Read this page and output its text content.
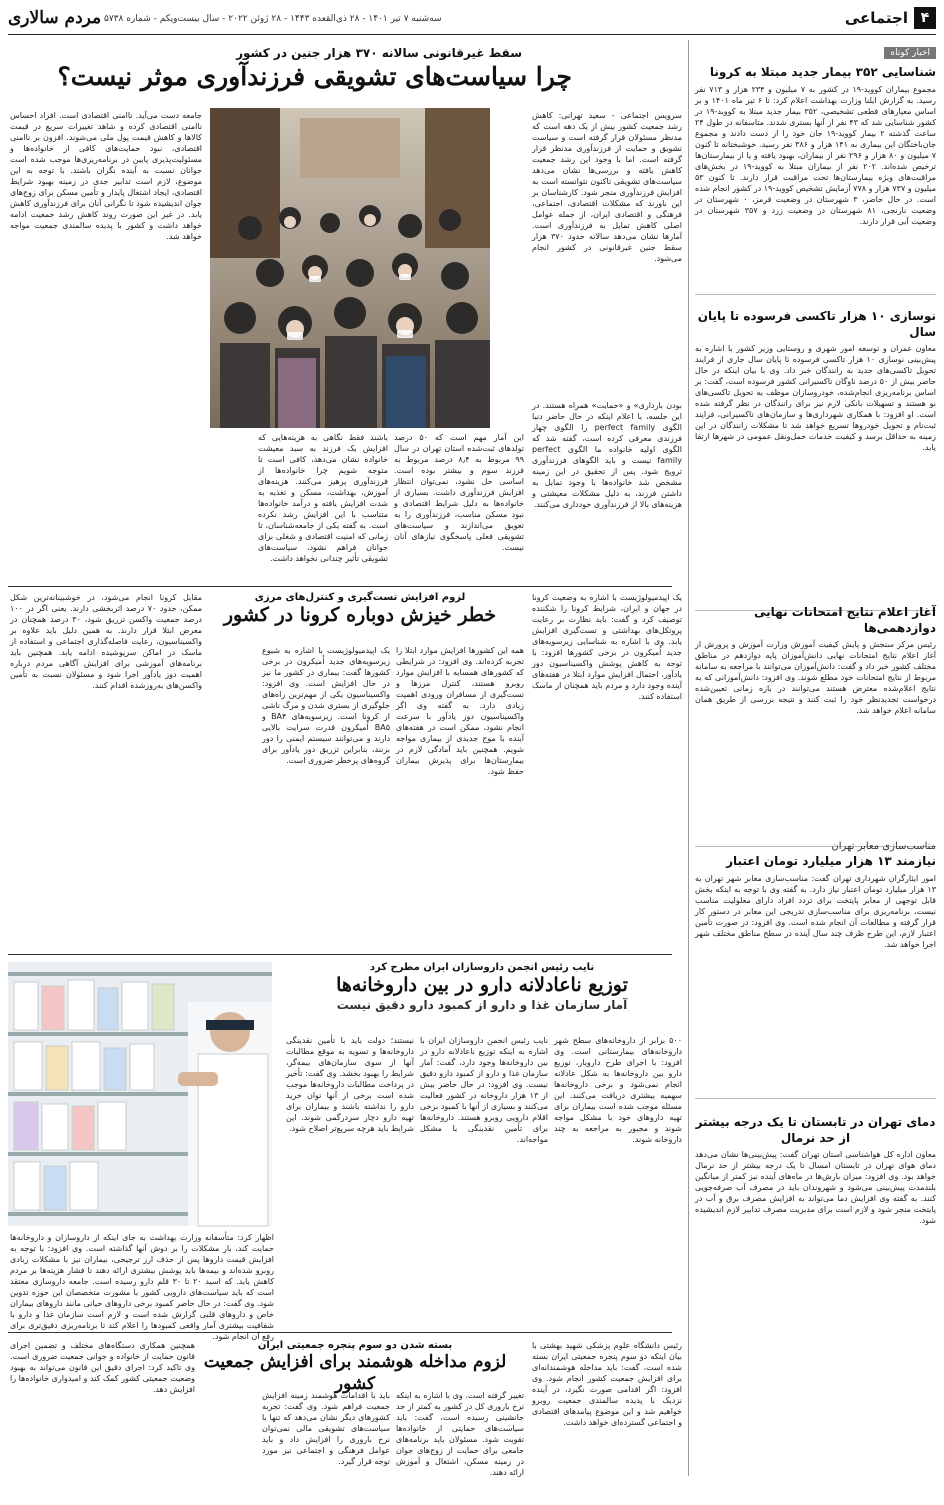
۴
اجتماعی
مردم سالاری سه‌شنبه ۷ تیر ۱۴۰۱ - ۲۸ ذی‌القعده ۱۴۴۳ - ۲۸ ژوئن ۲۰۲۲ - سال بیست‌ویکم - شماره ۵۷۳۸
اخبار کوتاه
شناسایی ۳۵۲ بیمار جدید مبتلا به کرونا
مجموع بیماران کووید-۱۹ در کشور به ۷ میلیون و ۲۳۴ هزار و ۷۱۳ نفر رسید. به گزارش ایلنا وزارت بهداشت اعلام کرد: تا ۶ تیر ماه ۱۴۰۱ و بر اساس معیارهای قطعی تشخیصی، ۳۵۲ بیمار جدید مبتلا به کووید-۱۹ در کشور شناسایی شد که ۴۳ نفر از آنها بستری شدند. متاسفانه در طول ۲۴ ساعت گذشته ۲ بیمار کووید-۱۹ جان خود را از دست دادند و مجموع جان‌باختگان این بیماری به ۱۴۱ هزار و ۳۸۶ نفر رسید. خوشبختانه تا کنون ۷ میلیون و ۸۰ هزار و ۲۹۶ نفر از بیماران، بهبود یافته و یا از بیمارستان‌ها ترخیص شده‌اند. ۲۰۲ نفر از بیماران مبتلا به کووید-۱۹ در بخش‌های مراقبت‌های ویژه بیمارستان‌ها تحت مراقبت قرار دارند. تا کنون ۵۳ میلیون و ۷۳۷ هزار و ۷۷۸ آزمایش تشخیص کووید-۱۹ در کشور انجام شده است. در حال حاضر، ۳ شهرستان در وضعیت قرمز، ۰ شهرستان در وضعیت نارنجی، ۸۱ شهرستان در وضعیت زرد و ۳۵۷ شهرستان در وضعیت آبی قرار دارند.
نوسازی ۱۰ هزار تاکسی فرسوده تا پایان سال
معاون عمران و توسعه امور شهری و روستایی وزیر کشور با اشاره به پیش‌بینی نوسازی ۱۰ هزار تاکسی فرسوده تا پایان سال جاری از فرایند تحویل تاکسی‌های جدید به رانندگان خبر داد. وی با بیان اینکه در حال حاضر بیش از ۵۰ درصد ناوگان تاکسیرانی کشور فرسوده است، گفت: بر اساس برنامه‌ریزی انجام‌شده، خودروسازان موظف به تحویل تاکسی‌های نو هستند و تسهیلات بانکی لازم نیز برای رانندگان در نظر گرفته شده است. او افزود: با همکاری شهرداری‌ها و سازمان‌های تاکسیرانی، فرایند ثبت‌نام و تحویل خودروها تسریع خواهد شد تا مشکلات رانندگان در این زمینه به حداقل برسد و کیفیت خدمات حمل‌ونقل عمومی در شهرها ارتقا یابد.
آغاز اعلام نتایج امتحانات نهایی دوازدهمی‌ها
رئیس مرکز سنجش و پایش کیفیت آموزش وزارت آموزش و پرورش از آغاز اعلام نتایج امتحانات نهایی دانش‌آموزان پایه دوازدهم در مناطق مختلف کشور خبر داد و گفت: دانش‌آموزان می‌توانند با مراجعه به سامانه مربوط از نتایج امتحانات خود مطلع شوند. وی افزود: دانش‌آموزانی که به نتایج اعلام‌شده معترض هستند می‌توانند در بازه زمانی تعیین‌شده درخواست تجدیدنظر خود را ثبت کنند و نتیجه بررسی از طریق همان سامانه اعلام خواهد شد.
مناسب‌سازی معابر تهران
نیازمند ۱۳ هزار میلیارد تومان اعتبار
امور ایثارگران شهرداری تهران گفت: مناسب‌سازی معابر شهر تهران به ۱۳ هزار میلیارد تومان اعتبار نیاز دارد. به گفته وی با توجه به اینکه بخش قابل توجهی از معابر پایتخت برای تردد افراد دارای معلولیت مناسب نیست، برنامه‌ریزی برای مناسب‌سازی تدریجی این معابر در دستور کار قرار گرفته و مطالعات آن انجام شده است. وی افزود: در صورت تأمین اعتبار لازم، این طرح ظرف چند سال آینده در سطح مناطق مختلف شهر اجرا خواهد شد.
دمای تهران در تابستان تا یک درجه بیشتر از حد نرمال
معاون اداره کل هواشناسی استان تهران گفت: پیش‌بینی‌ها نشان می‌دهد دمای هوای تهران در تابستان امسال تا یک درجه بیشتر از حد نرمال خواهد بود. وی افزود: میزان بارش‌ها در ماه‌های آینده نیز کمتر از میانگین بلندمدت پیش‌بینی می‌شود و شهروندان باید در مصرف آب صرفه‌جویی کنند. به گفته وی افزایش دما می‌تواند به افزایش مصرف برق و آب در پایتخت منجر شود و لازم است برای مدیریت مصرف تدابیر لازم اندیشیده شود.
سقط غیرقانونی سالانه ۳۷۰ هزار جنین در کشور
چرا سیاست‌های تشویقی فرزندآوری موثر نیست؟
سرویس اجتماعی - سعید تهرانی: کاهش رشد جمعیت کشور بیش از یک دهه است که مدنظر مسئولان قرار گرفته است و سیاست تشویق و حمایت از فرزندآوری مدنظر قرار گرفته است. اما با وجود این رشد جمعیت کاهش یافته و بررسی‌ها نشان می‌دهد سیاست‌های تشویقی تاکنون نتوانسته است به افزایش فرزندآوری منجر شود. کارشناسان بر این باورند که مشکلات اقتصادی، اجتماعی، فرهنگی و اقتصادی ایران، از جمله عوامل اصلی کاهش تمایل به فرزندآوری است. آمارها نشان می‌دهد سالانه حدود ۳۷۰ هزار سقط جنین غیرقانونی در کشور انجام می‌شود.
بودن بارداری» و «حمایت» همراه هستند. در این جلسه، با اعلام اینکه در حال حاضر دنیا الگوی perfect family را الگوی چهار فرزندی معرفی کرده است، گفته شد که الگوی اولیه خانواده ما الگوی perfect family نیست و باید الگوهای فرزندآوری ترویج شود. پس از تحقیق در این زمینه مشخص شد خانواده‌ها با وجود تمایل به داشتن فرزند، به دلیل مشکلات معیشتی و هزینه‌های بالا از فرزندآوری خودداری می‌کنند.
این آمار مهم است که ۵۰ درصد تولدهای ثبت‌شده استان تهران در سال ۹۹ مربوط به ۸٫۴ درصد مربوط به فرزند سوم و بیشتر بوده است. اساسی حل نشود، نمی‌توان انتظار افزایش فرزندآوری داشت. بسیاری از خانواده‌ها به دلیل شرایط اقتصادی و نبود مسکن مناسب، فرزندآوری را به تعویق می‌اندازند و سیاست‌های تشویقی فعلی پاسخگوی نیازهای آنان نیست.
باشند فقط نگاهی به هزینه‌هایی که افزایش یک فرزند به سبد معیشت خانواده نشان می‌دهد، کافی است تا متوجه شویم چرا خانواده‌ها از فرزندآوری پرهیز می‌کنند. هزینه‌های آموزش، بهداشت، مسکن و تغذیه به شدت افزایش یافته و درآمد خانواده‌ها متناسب با این افزایش رشد نکرده است. به گفته یکی از جامعه‌شناسان، تا زمانی که امنیت اقتصادی و شغلی برای جوانان فراهم نشود، سیاست‌های تشویقی تأثیر چندانی نخواهد داشت.
جامعه دست می‌آید. ناامنی اقتصادی است. افراد احساس ناامنی اقتصادی کرده و شاهد تغییرات سریع در قیمت کالاها و کاهش قیمت پول ملی می‌شوند. افزون بر ناامنی اقتصادی، نبود حمایت‌های کافی از خانواده‌ها و مسئولیت‌پذیری پایین در برنامه‌ریزی‌ها موجب شده است جوانان نسبت به آینده نگران باشند. با توجه به این موضوع، لازم است تدابیر جدی در زمینه بهبود شرایط اقتصادی، ایجاد اشتغال پایدار و تأمین مسکن برای زوج‌های جوان اندیشیده شود تا نگرانی آنان برای فرزندآوری کاهش یابد. در غیر این صورت روند کاهش رشد جمعیت ادامه خواهد داشت و کشور با پدیده سالمندی جمعیت مواجه خواهد شد.
لزوم افزایش تست‌گیری و کنترل‌های مرزی
خطر خیزش دوباره کرونا در کشور
یک اپیدمیولوژیست با اشاره به وضعیت کرونا در جهان و ایران، شرایط کرونا را شکننده توصیف کرد و گفت: باید نظارت بر رعایت پروتکل‌های بهداشتی و تست‌گیری افزایش یابد. وی با اشاره به شناسایی زیرسویه‌های جدید اُمیکرون در برخی کشورها افزود: با توجه به کاهش پوشش واکسیناسیون دوز یادآور، احتمال افزایش موارد ابتلا در هفته‌های آینده وجود دارد و مردم باید همچنان از ماسک استفاده کنند.
همه این کشورها افزایش موارد ابتلا را تجربه کرده‌اند. وی افزود: در شرایطی که کشورهای همسایه با افزایش موارد روبرو هستند، کنترل مرزها و تست‌گیری از مسافران ورودی اهمیت زیادی دارد. به گفته وی اگر واکسیناسیون دوز یادآور با سرعت انجام نشود، ممکن است در هفته‌های آینده با موج جدیدی از بیماری مواجه شویم. همچنین باید آمادگی لازم در بیمارستان‌ها برای پذیرش بیماران حفظ شود.
یک اپیدمیولوژیست با اشاره به شیوع زیرسویه‌های جدید اُمیکرون در برخی کشورها گفت: بیماری در کشور ما نیز در حال افزایش است. وی افزود: واکسیناسیون یکی از مهم‌ترین راه‌های جلوگیری از بستری شدن و مرگ ناشی از کرونا است. زیرسویه‌های BA۴ و BA۵ اُمیکرون قدرت سرایت بالایی دارند و می‌توانند سیستم ایمنی را دور بزنند، بنابراین تزریق دوز یادآور برای گروه‌های پرخطر ضروری است.
مقابل کرونا انجام می‌شود، در خوشبینانه‌ترین شکل ممکن، حدود ۷۰ درصد اثربخشی دارند. یعنی اگر در ۱۰۰ درصد جمعیت واکسن تزریق شود، ۳۰ درصد همچنان در معرض ابتلا قرار دارند. به همین دلیل باید علاوه بر واکسیناسیون، رعایت فاصله‌گذاری اجتماعی و استفاده از ماسک در اماکن سرپوشیده ادامه یابد. همچنین باید برنامه‌های آموزشی برای افزایش آگاهی مردم درباره اهمیت دوز یادآور اجرا شود و مسئولان نسبت به تأمین واکسن‌های به‌روزشده اقدام کنند.
نایب رئیس انجمن داروسازان ایران مطرح کرد
توزیع ناعادلانه دارو در بین داروخانه‌ها
آمار سازمان غذا و دارو از کمبود دارو دقیق نیست
۵۰۰ برابر از داروخانه‌های سطح شهر داروخانه‌های بیمارستانی است. وی افزود: با اجرای طرح دارویار، توزیع دارو بین داروخانه‌ها به شکل عادلانه انجام نمی‌شود و برخی داروخانه‌ها سهمیه بیشتری دریافت می‌کنند. این مسئله موجب شده است بیماران برای تهیه داروهای خود با مشکل مواجه شوند و مجبور به مراجعه به چند داروخانه شوند.
نایب رئیس انجمن داروسازان ایران با اشاره به اینکه توزیع ناعادلانه دارو در بین داروخانه‌ها وجود دارد، گفت: آمار سازمان غذا و دارو از کمبود دارو دقیق نیست. وی افزود: در حال حاضر بیش از ۱۳ هزار داروخانه در کشور فعالیت می‌کنند و بسیاری از آنها با کمبود برخی اقلام دارویی روبرو هستند. داروخانه‌ها برای تأمین نقدینگی با مشکل مواجه‌اند.
نیستند؛ دولت باید با تأمین نقدینگی داروخانه‌ها و تسویه به موقع مطالبات آنها از سوی سازمان‌های بیمه‌گر، شرایط را بهبود بخشد. وی گفت: تأخیر در پرداخت مطالبات داروخانه‌ها موجب شده است برخی از آنها توان خرید دارو را نداشته باشند و بیماران برای تهیه دارو دچار سردرگمی شوند. این شرایط باید هرچه سریع‌تر اصلاح شود.
اظهار کرد: متأسفانه وزارت بهداشت به جای اینکه از داروسازان و داروخانه‌ها حمایت کند، بار مشکلات را بر دوش آنها گذاشته است. وی افزود: با توجه به افزایش قیمت داروها پس از حذف ارز ترجیحی، بیماران نیز با مشکلات زیادی روبرو شده‌اند و بیمه‌ها باید پوشش بیشتری ارائه دهند تا فشار هزینه‌ها بر مردم کاهش یابد. که اسید ۲۰ تا ۳۰ قلم دارو رسیده است. جامعه داروسازی معتقد است که باید سیاست‌های دارویی کشور با مشورت متخصصان این حوزه تدوین شود. وی گفت: در حال حاضر کمبود برخی داروهای حیاتی مانند داروهای بیماران خاص و داروهای قلبی گزارش شده است و لازم است سازمان غذا و دارو با شفافیت بیشتری آمار واقعی کمبودها را اعلام کند تا برنامه‌ریزی دقیق‌تری برای رفع آن انجام شود.
بسته شدن دو سوم پنجره جمعیتی ایران
لزوم مداخله هوشمند برای افزایش جمعیت کشور
رئیس دانشگاه علوم پزشکی شهید بهشتی با بیان اینکه دو سوم پنجره جمعیتی ایران بسته شده است، گفت: باید مداخله هوشمندانه‌ای برای افزایش جمعیت کشور انجام شود. وی افزود: اگر اقدامی صورت نگیرد، در آینده نزدیک با پدیده سالمندی جمعیت روبرو خواهیم شد و این موضوع پیامدهای اقتصادی و اجتماعی گسترده‌ای خواهد داشت.
تغییر گرفته است. وی با اشاره به اینکه نرخ باروری کل در کشور به کمتر از حد جانشینی رسیده است، گفت: باید سیاست‌های حمایتی از خانواده‌ها تقویت شود. مسئولان باید برنامه‌های جامعی برای حمایت از زوج‌های جوان در زمینه مسکن، اشتغال و آموزش ارائه دهند.
باید با اقدامات هوشمند زمینه افزایش جمعیت فراهم شود. وی گفت: تجربه کشورهای دیگر نشان می‌دهد که تنها با سیاست‌های تشویقی مالی نمی‌توان نرخ باروری را افزایش داد و باید عوامل فرهنگی و اجتماعی نیز مورد توجه قرار گیرد.
همچنین همکاری دستگاه‌های مختلف و تضمین اجرای قانون حمایت از خانواده و جوانی جمعیت ضروری است. وی تاکید کرد: اجرای دقیق این قانون می‌تواند به بهبود وضعیت جمعیتی کشور کمک کند و امیدواری خانواده‌ها را افزایش دهد.
